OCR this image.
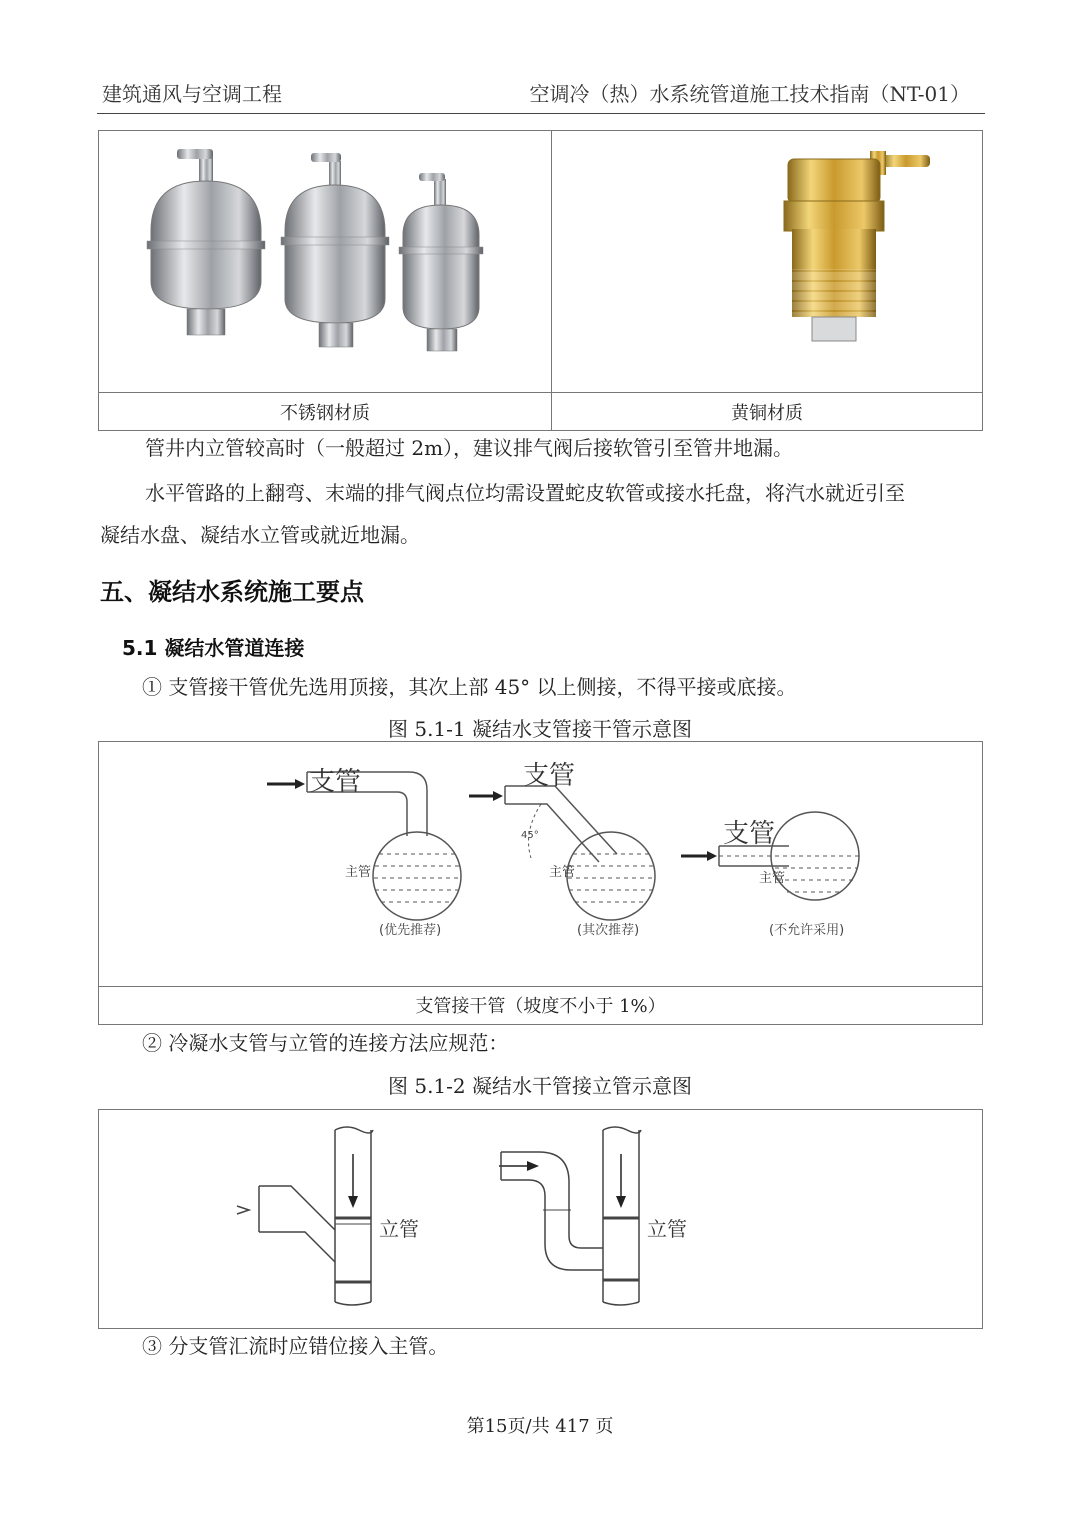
建筑通风与空调工程	空调冷（热）水系统管道施工技术指南（NT-01）
不锈钢材质	黄铜材质
管井内立管较高时（一般超过 2m），建议排气阀后接软管引至管井地漏。
水平管路的上翻弯、末端的排气阀点位均需设置蛇皮软管或接水托盘，将汽水就近引至
凝结水盘、凝结水立管或就近地漏。
五、凝结水系统施工要点
5.1 凝结水管道连接
① 支管接干管优先选用顶接，其次上部 45° 以上侧接，不得平接或底接。
图 5.1-1 凝结水支管接干管示意图
支管
主管
(优先推荐)
支管
45°
主管
(其次推荐)
支管
主管
(不允许采用)
支管接干管（坡度不小于 1%）
② 冷凝水支管与立管的连接方法应规范：
图 5.1-2 凝结水干管接立管示意图
立管	立管
③ 分支管汇流时应错位接入主管。
第15页/共 417 页
